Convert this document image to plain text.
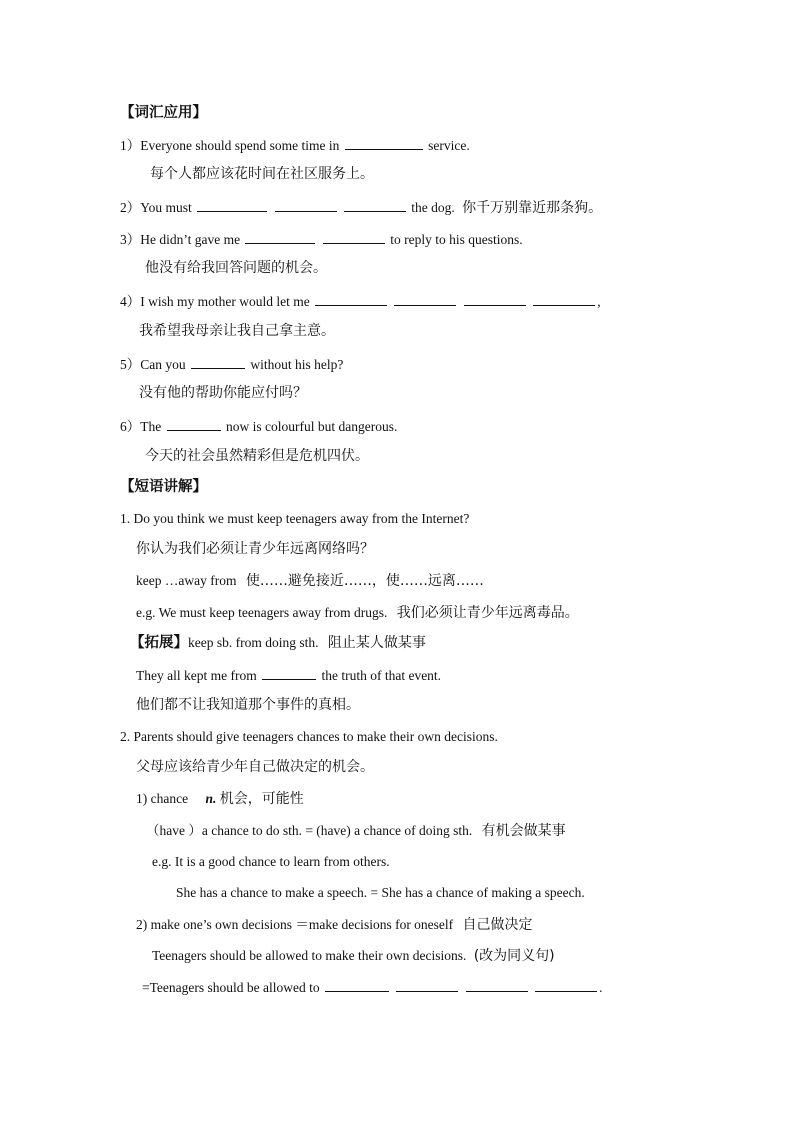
【词汇应用】
1）Everyone should spend some time in	service.
每个人都应该花时间在社区服务上。
2）You must	the dog. 你千万别靠近那条狗。
3）He didn’t gave me	to reply to his questions.
他没有给我回答问题的机会。
4）I wish my mother would let me	,
我希望我母亲让我自己拿主意。
5）Can you	without his help?
没有他的帮助你能应付吗？
6）The	now is colourful but dangerous.
今天的社会虽然精彩但是危机四伏。
【短语讲解】
1. Do you think we must keep teenagers away from the Internet?
你认为我们必须让青少年远离网络吗？
keep …away from 使……避免接近……，使……远离……
e.g. We must keep teenagers away from drugs. 我们必须让青少年远离毒品。
【拓展】keep sb. from doing sth. 阻止某人做某事
They all kept me from	the truth of that event.
他们都不让我知道那个事件的真相。
2. Parents should give teenagers chances to make their own decisions.
父母应该给青少年自己做决定的机会。
1) chance n. 机会，可能性
（have ）a chance to do sth. = (have) a chance of doing sth. 有机会做某事
e.g. It is a good chance to learn from others.
She has a chance to make a speech. = She has a chance of making a speech.
2) make one’s own decisions ＝make decisions for oneself 自己做决定
Teenagers should be allowed to make their own decisions. (改为同义句)
=Teenagers should be allowed to	.
